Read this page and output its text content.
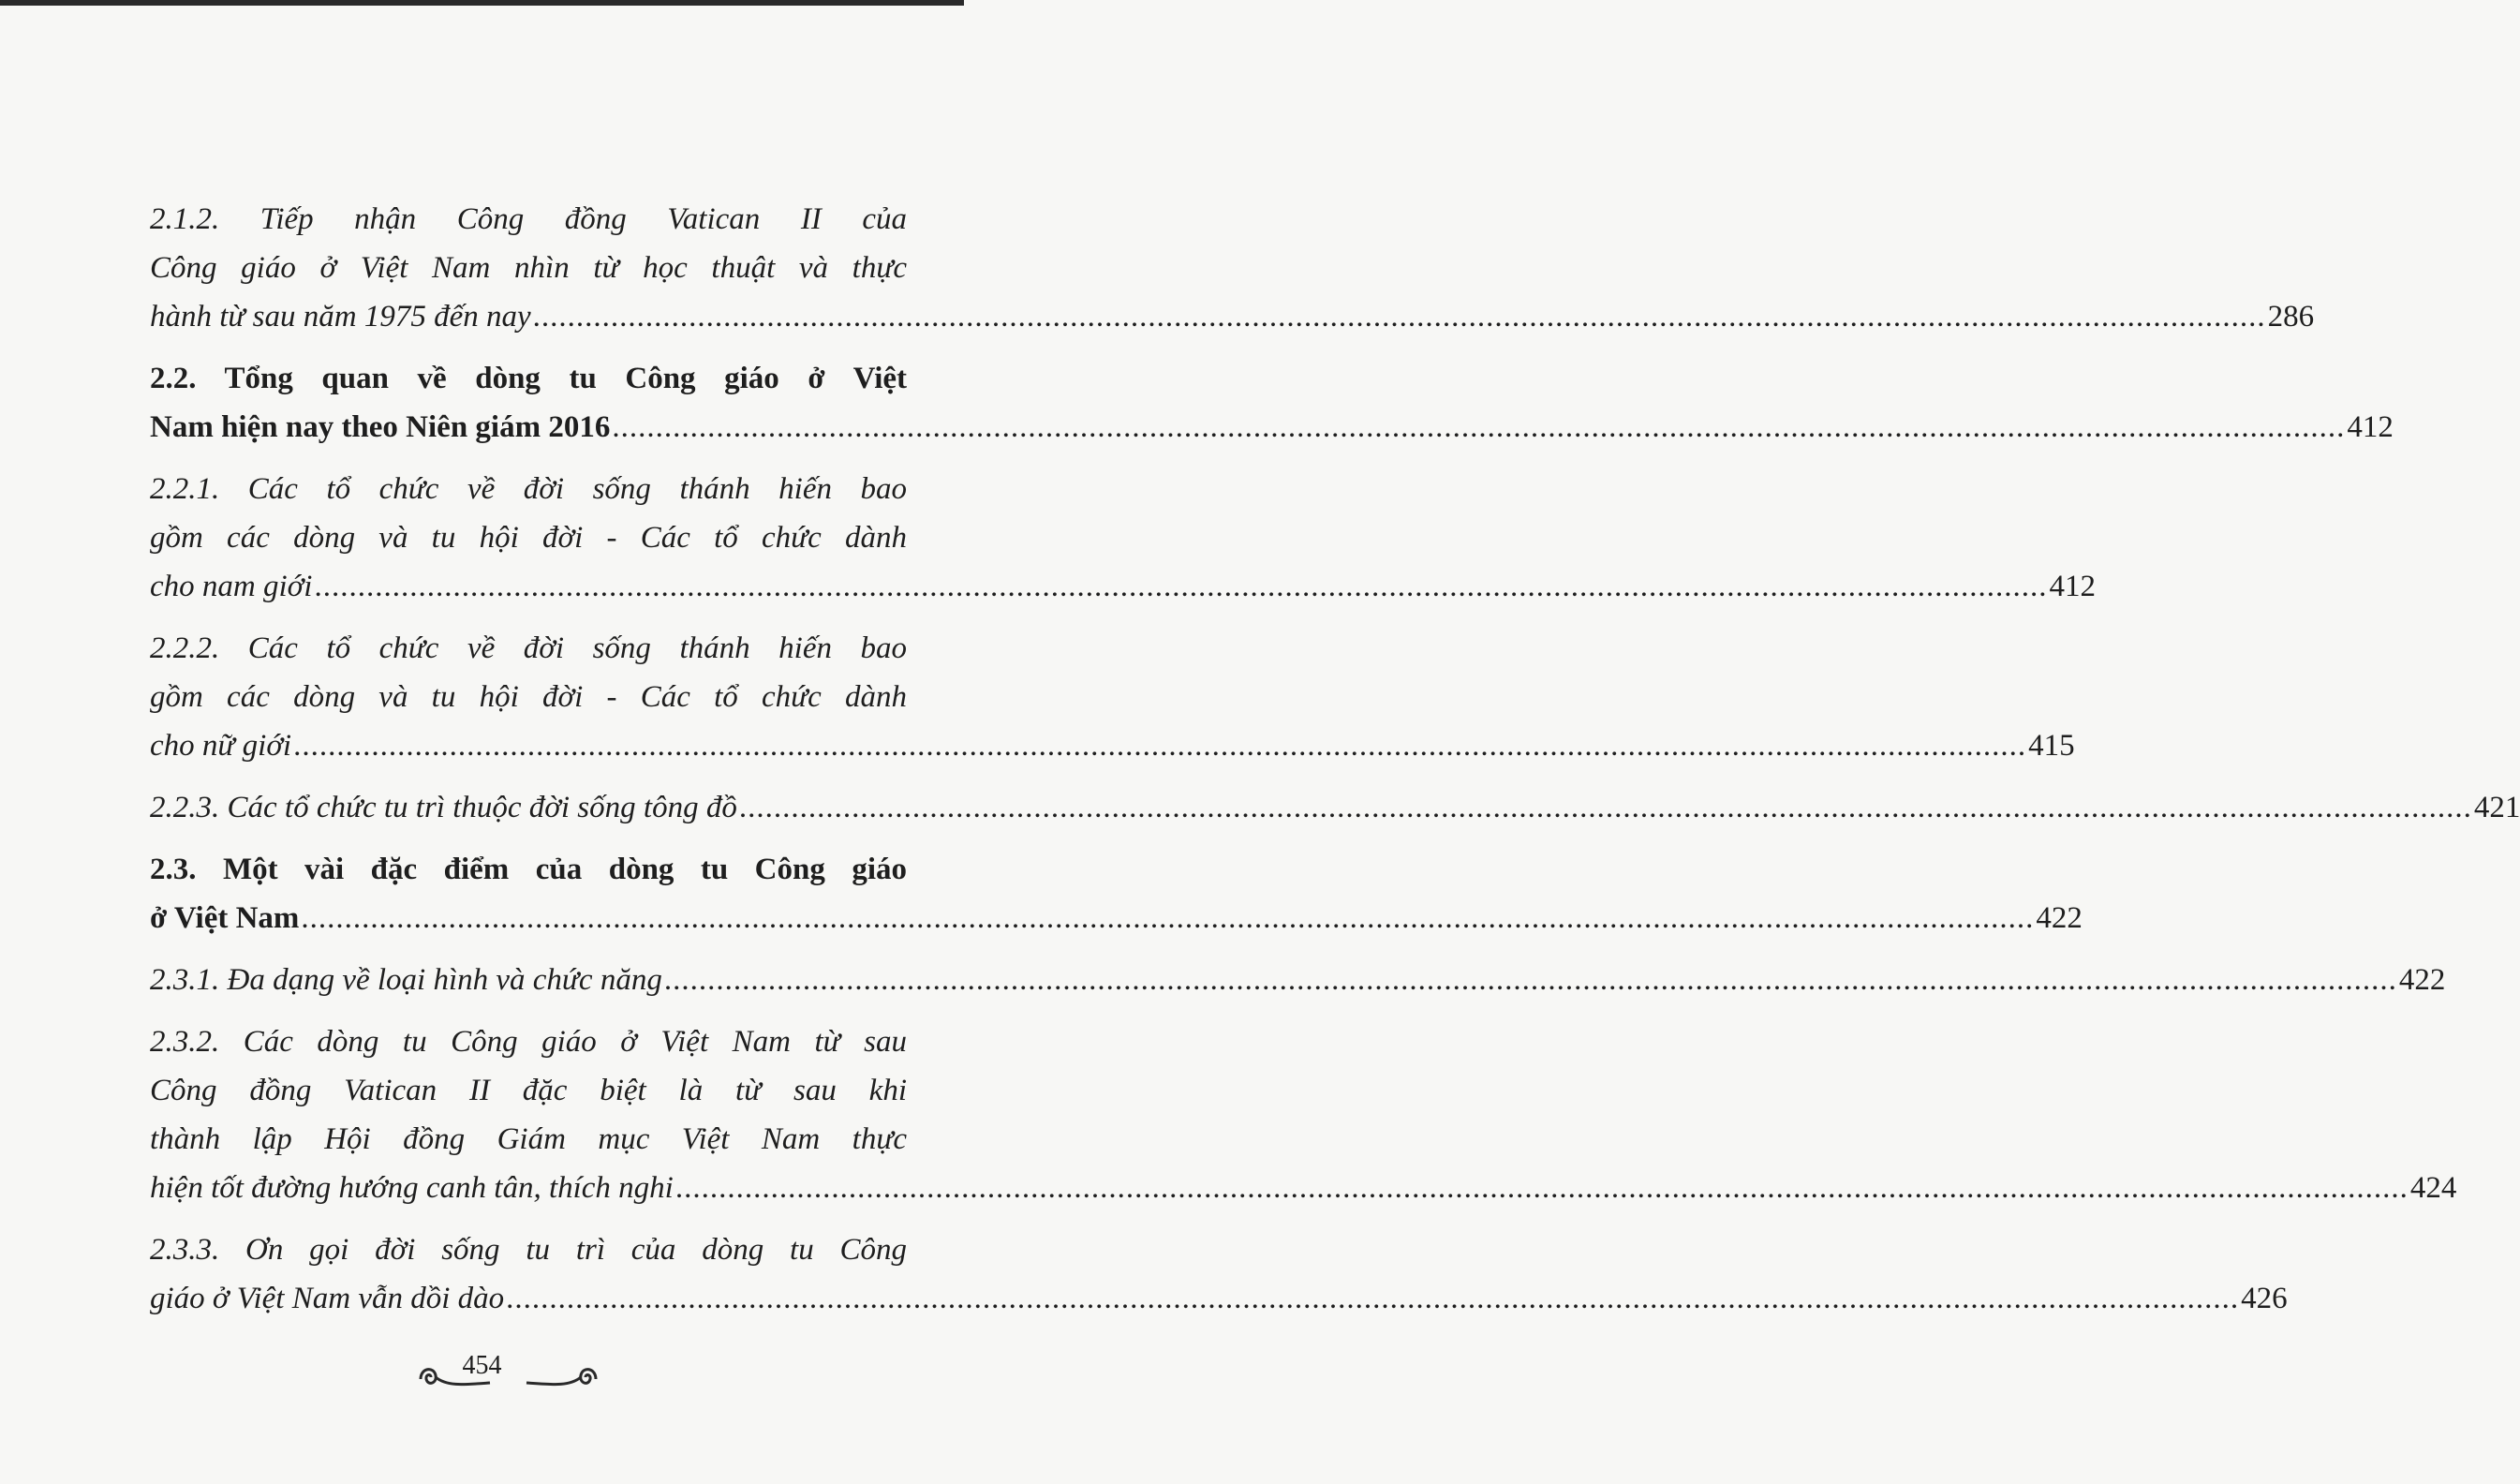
2.1.2. Tiếp nhận Công đồng Vatican II của
Công giáo ở Việt Nam nhìn từ học thuật và thực
hành từ sau năm 1975 đến nay ........................................................................................................................................................................................................ 286
2.2. Tổng quan về dòng tu Công giáo ở Việt
Nam hiện nay theo Niên giám 2016 ........................................................................................................................................................................................................ 412
2.2.1. Các tổ chức về đời sống thánh hiến bao
gồm các dòng và tu hội đời - Các tổ chức dành
cho nam giới ........................................................................................................................................................................................................ 412
2.2.2. Các tổ chức về đời sống thánh hiến bao
gồm các dòng và tu hội đời - Các tổ chức dành
cho nữ giới ........................................................................................................................................................................................................ 415
2.2.3. Các tổ chức tu trì thuộc đời sống tông đồ ........................................................................................................................................................................................................ 421
2.3. Một vài đặc điểm của dòng tu Công giáo
ở Việt Nam ........................................................................................................................................................................................................ 422
2.3.1. Đa dạng về loại hình và chức năng ........................................................................................................................................................................................................ 422
2.3.2. Các dòng tu Công giáo ở Việt Nam từ sau
Công đồng Vatican II đặc biệt là từ sau khi
thành lập Hội đồng Giám mục Việt Nam thực
hiện tốt đường hướng canh tân, thích nghi ........................................................................................................................................................................................................ 424
2.3.3. Ơn gọi đời sống tu trì của dòng tu Công
giáo ở Việt Nam vẫn dồi dào ........................................................................................................................................................................................................ 426
454
